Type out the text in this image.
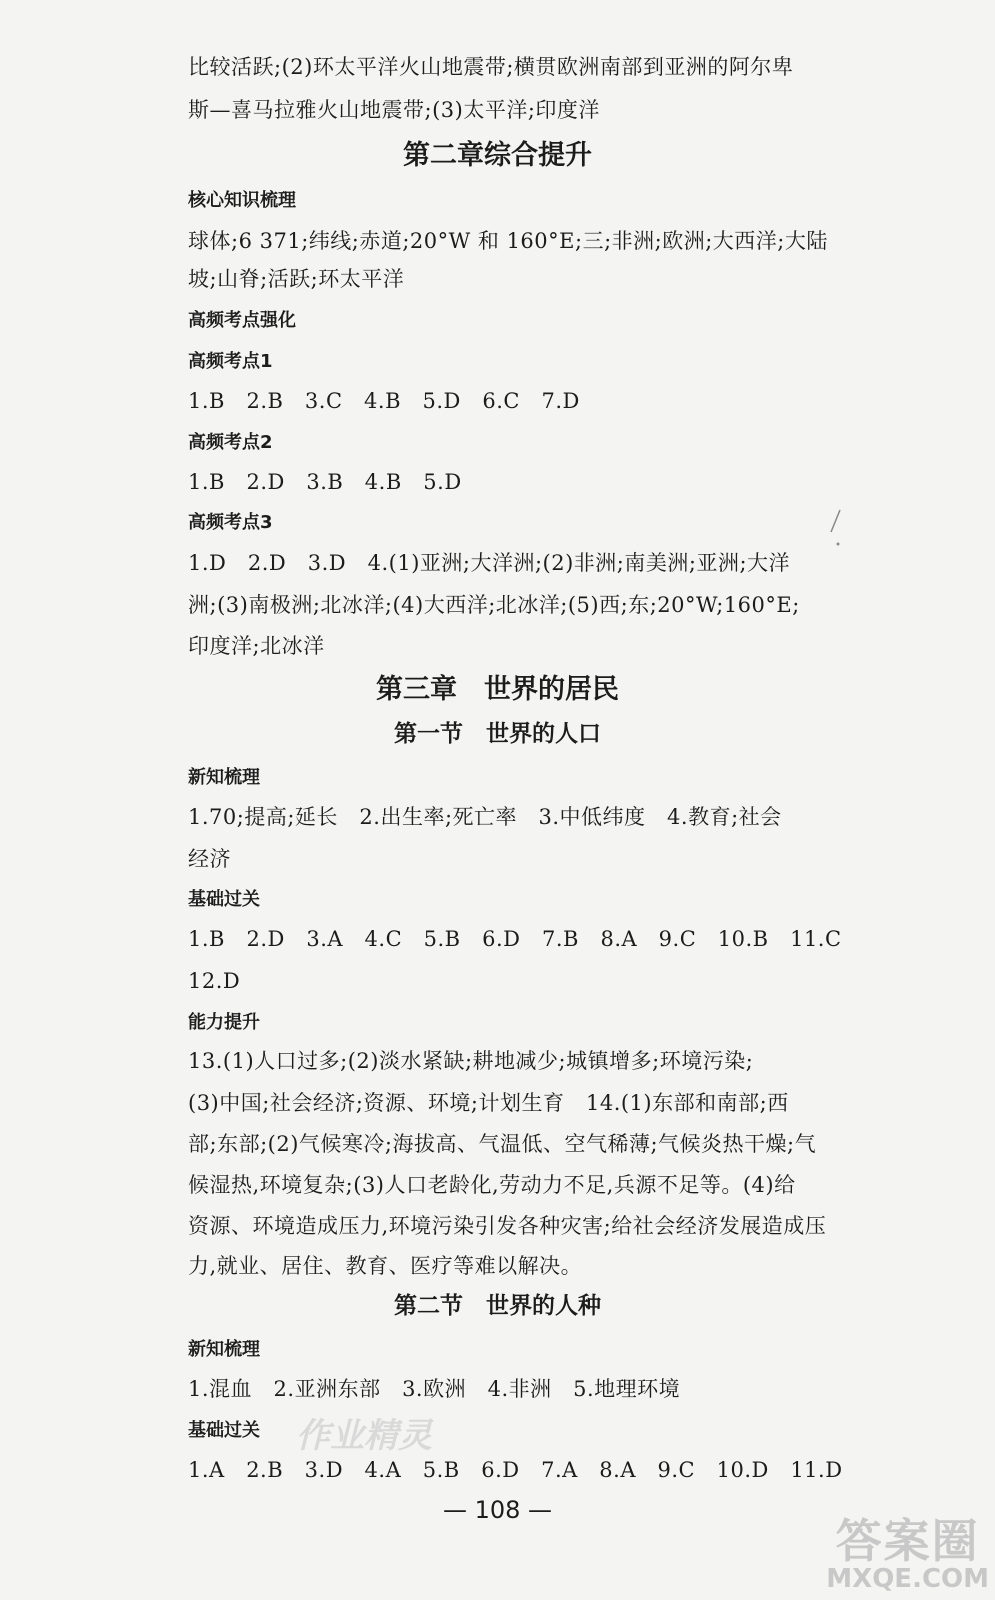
比较活跃;(2)环太平洋火山地震带;横贯欧洲南部到亚洲的阿尔卑
斯—喜马拉雅火山地震带;(3)太平洋;印度洋
第二章综合提升
核心知识梳理
球体;6 371;纬线;赤道;20°W 和 160°E;三;非洲;欧洲;大西洋;大陆
坡;山脊;活跃;环太平洋
高频考点强化
高频考点1
1.B　2.B　3.C　4.B　5.D　6.C　7.D
高频考点2
1.B　2.D　3.B　4.B　5.D
高频考点3
1.D　2.D　3.D　4.(1)亚洲;大洋洲;(2)非洲;南美洲;亚洲;大洋
洲;(3)南极洲;北冰洋;(4)大西洋;北冰洋;(5)西;东;20°W;160°E;
印度洋;北冰洋
第三章　世界的居民
第一节　世界的人口
新知梳理
1.70;提高;延长　2.出生率;死亡率　3.中低纬度　4.教育;社会
经济
基础过关
1.B　2.D　3.A　4.C　5.B　6.D　7.B　8.A　9.C　10.B　11.C
12.D
能力提升
13.(1)人口过多;(2)淡水紧缺;耕地减少;城镇增多;环境污染;
(3)中国;社会经济;资源、环境;计划生育　14.(1)东部和南部;西
部;东部;(2)气候寒冷;海拔高、气温低、空气稀薄;气候炎热干燥;气
候湿热,环境复杂;(3)人口老龄化,劳动力不足,兵源不足等。(4)给
资源、环境造成压力,环境污染引发各种灾害;给社会经济发展造成压
力,就业、居住、教育、医疗等难以解决。
第二节　世界的人种
新知梳理
1.混血　2.亚洲东部　3.欧洲　4.非洲　5.地理环境
基础过关
1.A　2.B　3.D　4.A　5.B　6.D　7.A　8.A　9.C　10.D　11.D
— 108 —
作业精灵
答案圈
MXQE.COM
